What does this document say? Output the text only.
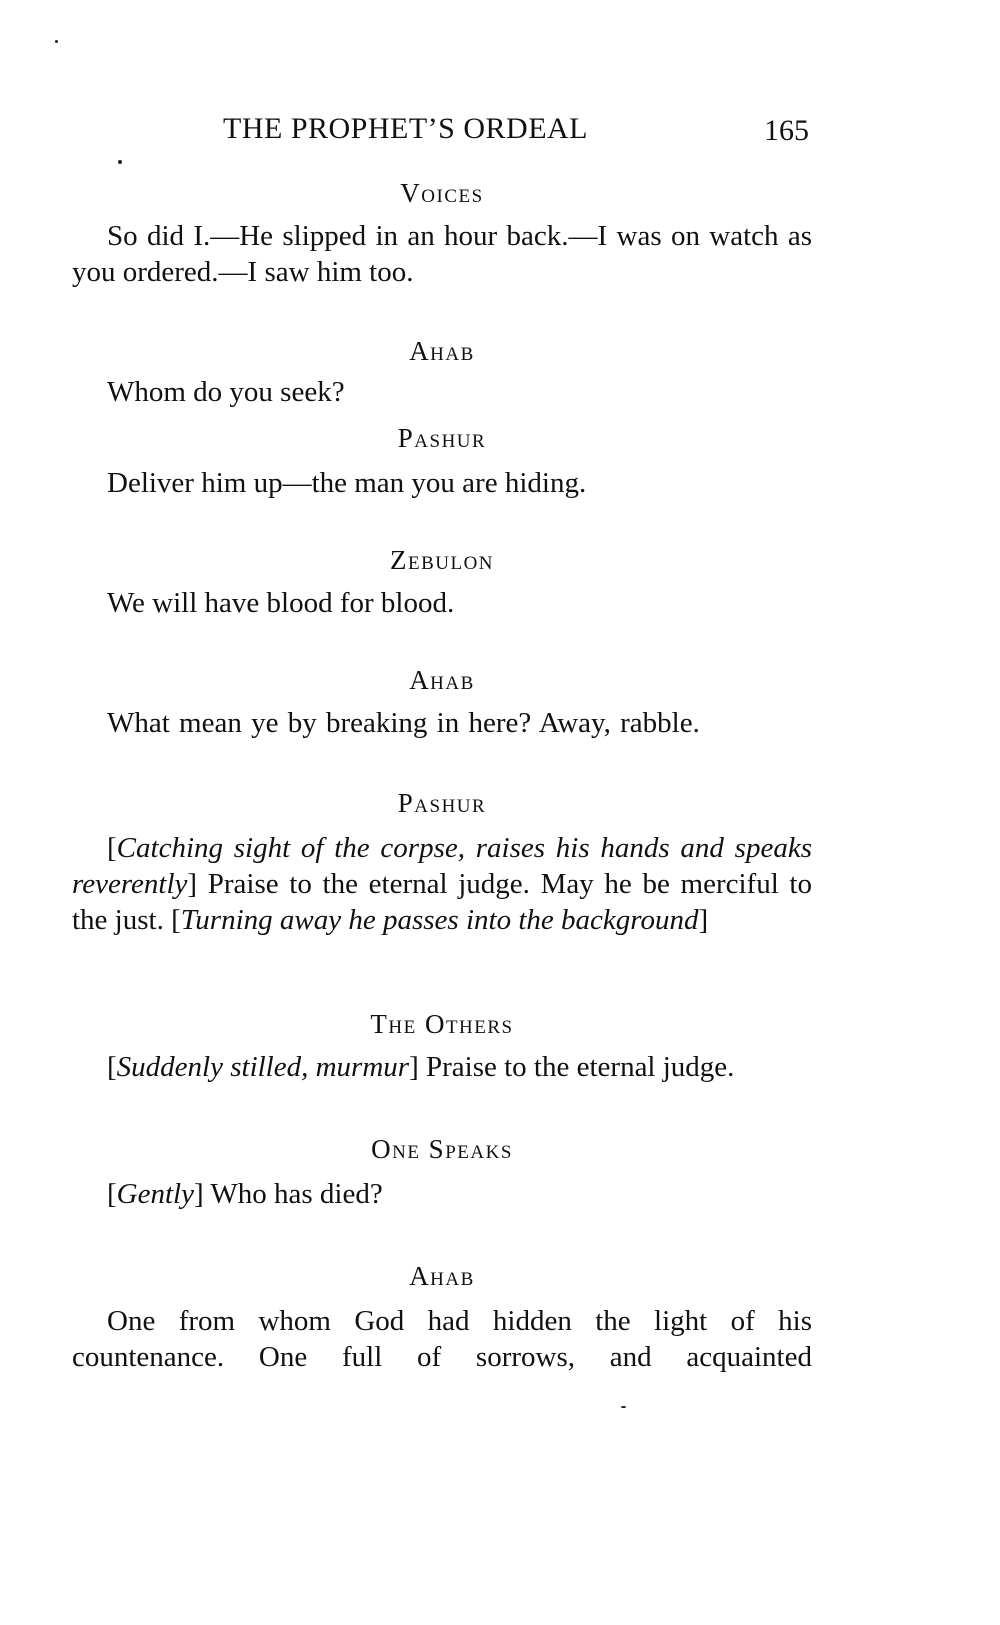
THE PROPHET’S ORDEAL	165
Voices
So did I.—He slipped in an hour back.—I was on watch as you ordered.—I saw him too.
Ahab
Whom do you seek?
Pashur
Deliver him up—the man you are hiding.
Zebulon
We will have blood for blood.
Ahab
What mean ye by breaking in here? Away, rabble.
Pashur
[Catching sight of the corpse, raises his hands and speaks reverently] Praise to the eternal judge. May he be merciful to the just. [Turning away he passes into the background]
The Others
[Suddenly stilled, murmur] Praise to the eternal judge.
One Speaks
[Gently] Who has died?
Ahab
One from whom God had hidden the light of his countenance. One full of sorrows, and acquainted
